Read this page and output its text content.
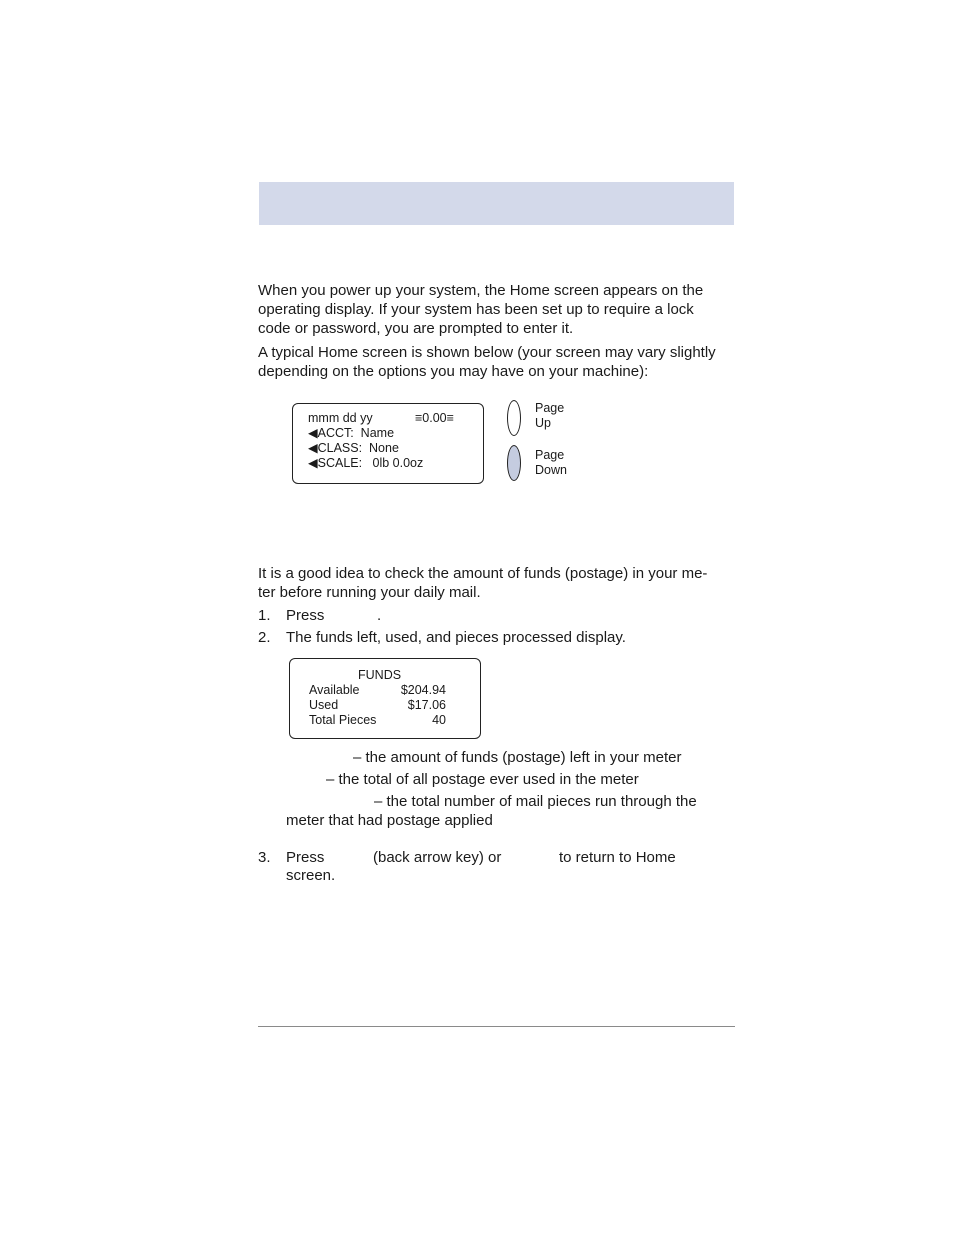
When you power up your system, the Home screen appears on the

operating display. If your system has been set up to require a lock

code or password, you are prompted to enter it.

A typical Home screen is shown below (your screen may vary slightly

depending on the options you may have on your machine):

mmm dd yy	≡0.00≡
◀ACCT:  Name
◀CLASS:  None
◀SCALE:   0lb 0.0oz
Page
Up
Page
Down

It is a good idea to check the amount of funds (postage) in your me-

ter before running your daily mail.

1. Press	.
2. The funds left, used, and pieces processed display.
FUNDS
Available	$204.94
Used	$17.06
Total Pieces	40
– the amount of funds (postage) left in your meter
– the total of all postage ever used in the meter
– the total number of mail pieces run through the
meter that had postage applied
3. Press	(back arrow key) or	to return to Home
screen.
